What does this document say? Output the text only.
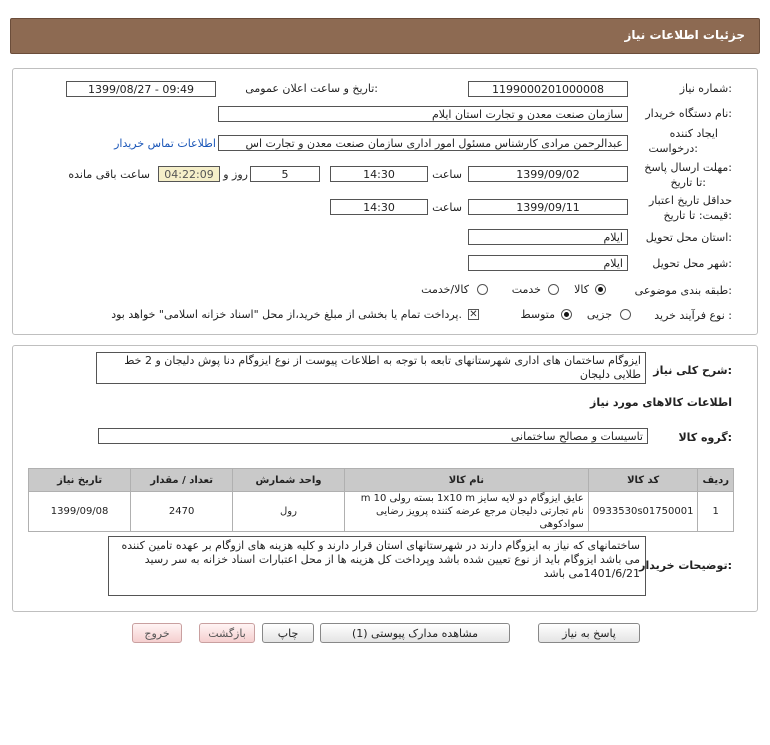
جزئیات اطلاعات نیاز
شماره نیاز:
1199000201000008
تاریخ و ساعت اعلان عمومی:
1399/08/27 - 09:49
نام دستگاه خریدار:
سازمان صنعت معدن و تجارت استان ایلام
ایجاد کننده
درخواست:
عبدالرحمن مرادی کارشناس مسئول امور اداری سازمان صنعت معدن و تجارت اس
اطلاعات تماس خریدار
مهلت ارسال پاسخ:
تا تاریخ:
1399/09/02
ساعت
14:30
5
روز و
04:22:09
ساعت باقی مانده
حداقل تاریخ اعتبار
قیمت: تا تاریخ:
1399/09/11
ساعت
14:30
استان محل تحویل:
ایلام
شهر محل تحویل:
ایلام
طبقه بندی موضوعی:
کالا
خدمت
کالا/خدمت
نوع فرآیند خرید :
جزیی
متوسط
✕
پرداخت تمام یا بخشی از مبلغ خرید،از محل "اسناد خزانه اسلامی" خواهد بود.
شرح کلی نیاز:
ایزوگام ساختمان های اداری شهرستانهای تابعه با توجه به اطلاعات پیوست از نوع ایزوگام دنا پوش دلیجان و 2 خط طلایی دلیجان
اطلاعات کالاهای مورد نیاز
گروه کالا:
تاسیسات و مصالح ساختمانی
ردیف	کد کالا	نام کالا	واحد شمارش	تعداد / مقدار	تاریخ نیاز
1	0933530s01750001	عایق ایزوگام دو لایه سایز 1x10 m بسته رولی 10 m نام تجارتی دلیجان مرجع عرضه کننده پرویز رضایی سوادکوهی	رول	2470	1399/09/08
توضیحات خریدار:
ساختمانهای که نیاز به ایزوگام دارند در شهرستانهای استان قرار دارند و کلیه هزینه های ازوگام بر عهده تامین کننده می باشد ایزوگام باید از نوع تعیین شده باشد وپرداخت کل هزینه ها از محل اعتبارات اسناد خزانه به سر رسید 1401/6/21می باشد
پاسخ به نیاز
مشاهده مدارک پیوستی (1)
چاپ
بازگشت
خروج
